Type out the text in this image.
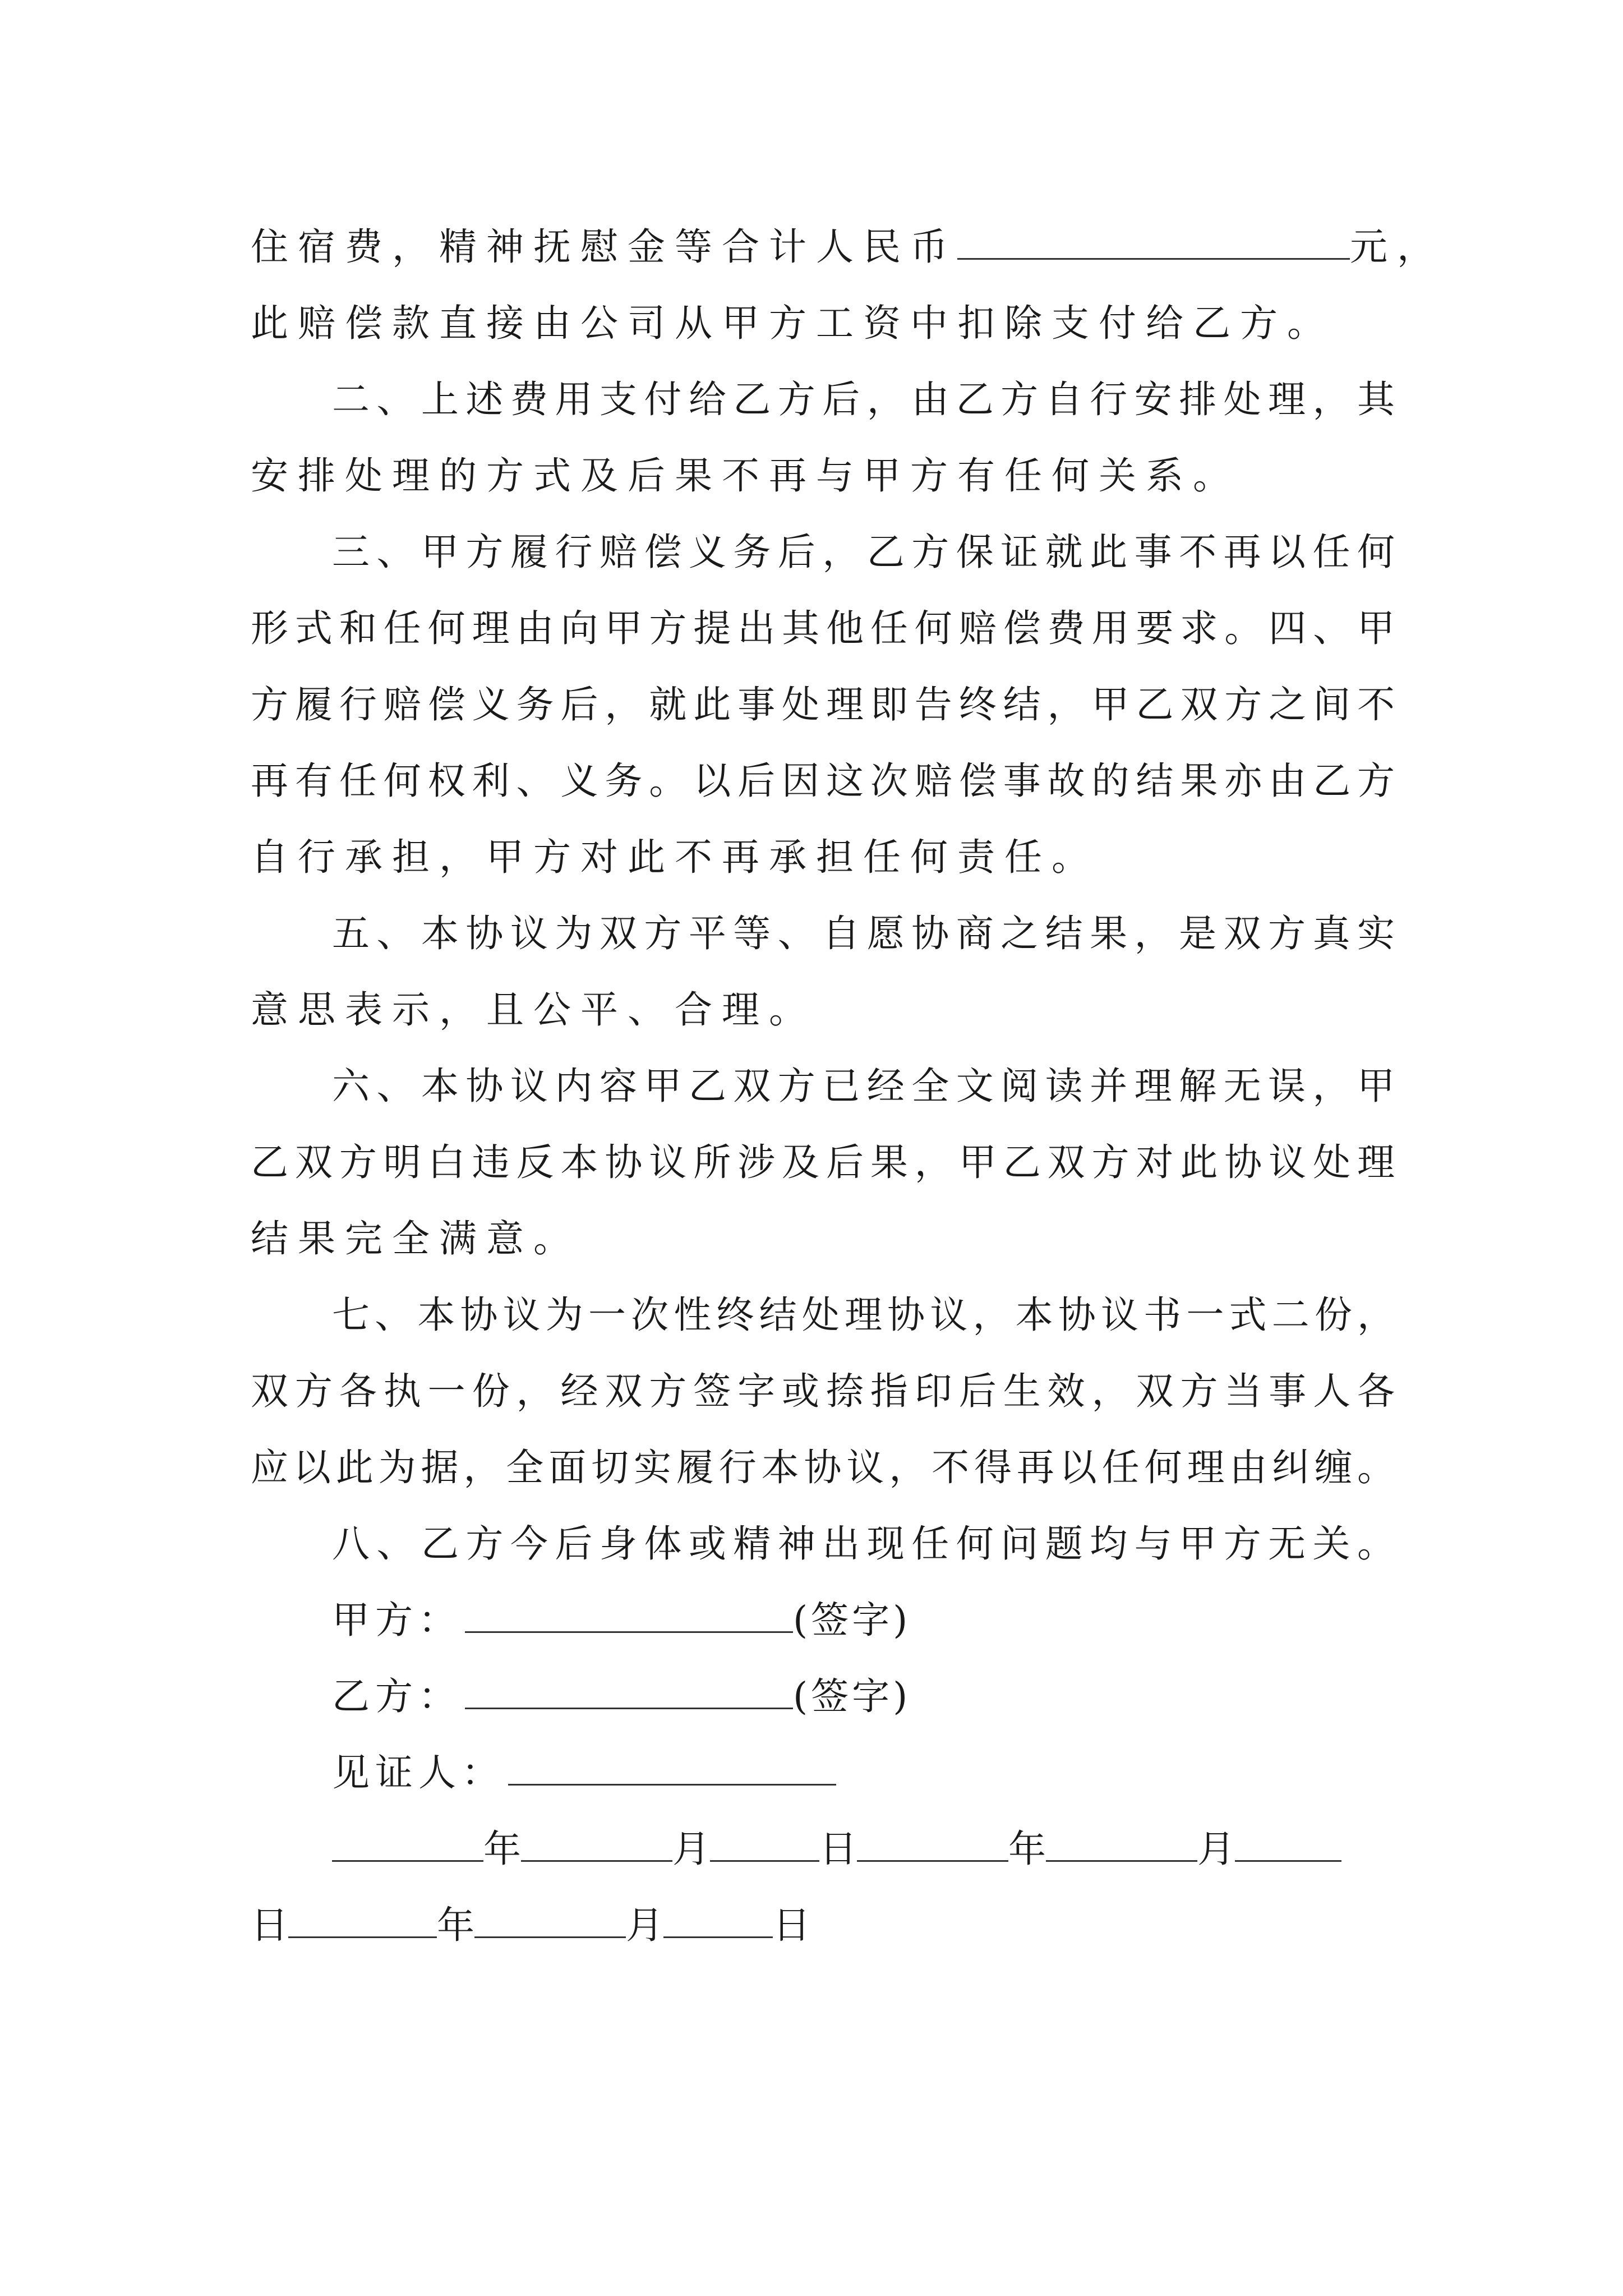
住宿费，精神抚慰金等合计人民币	元，
此赔偿款直接由公司从甲方工资中扣除支付给乙方。
二、上述费用支付给乙方后，由乙方自行安排处理，其
安排处理的方式及后果不再与甲方有任何关系。
三、甲方履行赔偿义务后，乙方保证就此事不再以任何
形式和任何理由向甲方提出其他任何赔偿费用要求。四、甲
方履行赔偿义务后，就此事处理即告终结，甲乙双方之间不
再有任何权利、义务。以后因这次赔偿事故的结果亦由乙方
自行承担，甲方对此不再承担任何责任。
五、本协议为双方平等、自愿协商之结果，是双方真实
意思表示，且公平、合理。
六、本协议内容甲乙双方已经全文阅读并理解无误，甲
乙双方明白违反本协议所涉及后果，甲乙双方对此协议处理
结果完全满意。
七、本协议为一次性终结处理协议，本协议书一式二份，
双方各执一份，经双方签字或捺指印后生效，双方当事人各
应以此为据，全面切实履行本协议，不得再以任何理由纠缠。
八、乙方今后身体或精神出现任何问题均与甲方无关。
甲方：	(签字)
乙方：	(签字)
见证人：
年	月	日	年	月
日	年	月	日
